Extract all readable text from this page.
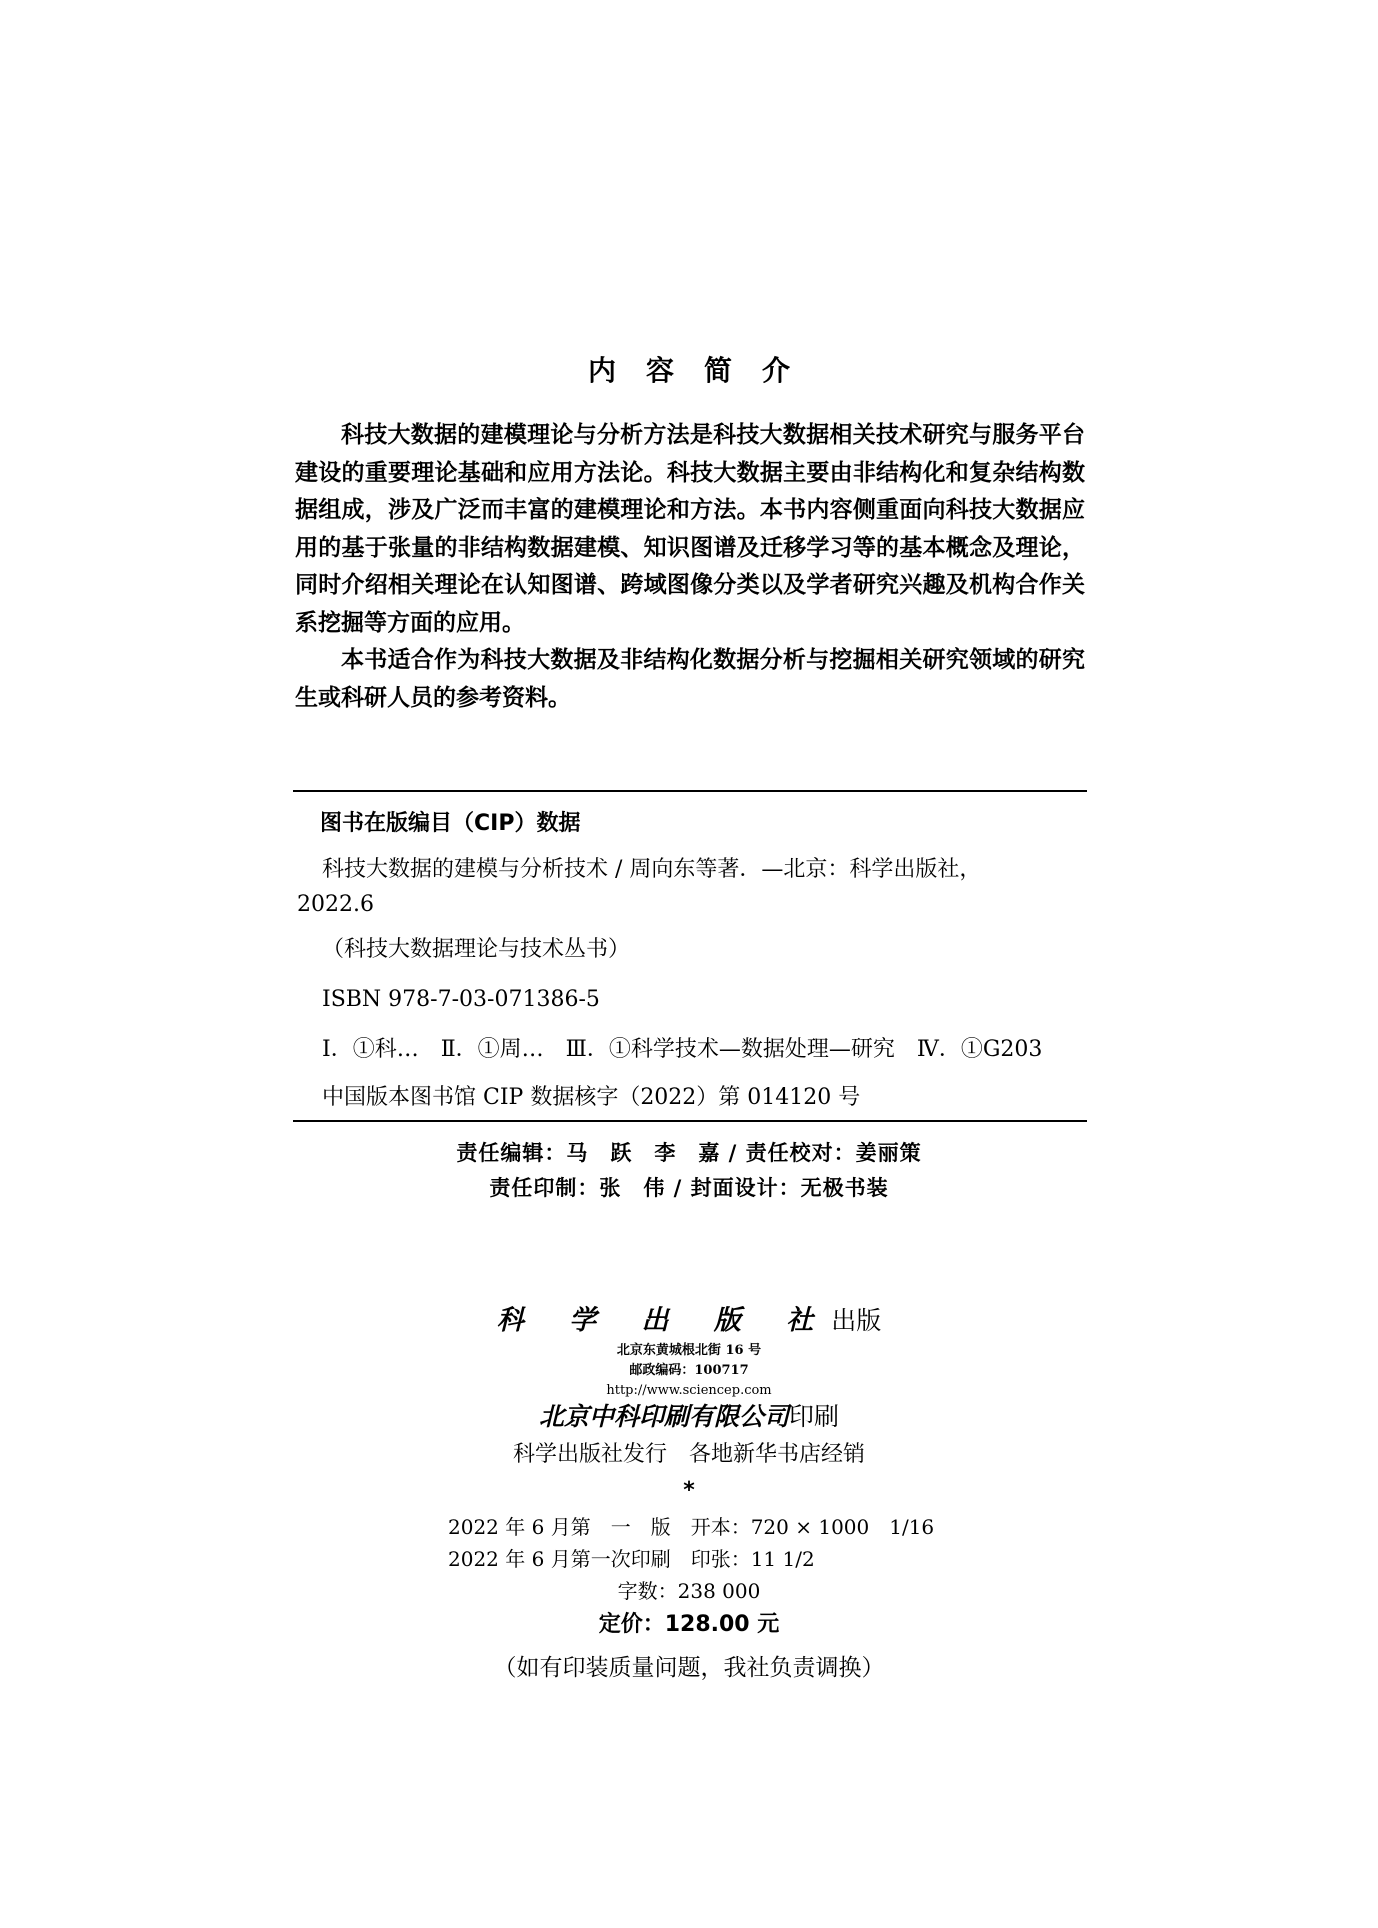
内容简介

科技大数据的建模理论与分析方法是科技大数据相关技术研究与服务平台建设的重要理论基础和应用方法论。科技大数据主要由非结构化和复杂结构数据组成，涉及广泛而丰富的建模理论和方法。本书内容侧重面向科技大数据应用的基于张量的非结构数据建模、知识图谱及迁移学习等的基本概念及理论，同时介绍相关理论在认知图谱、跨域图像分类以及学者研究兴趣及机构合作关系挖掘等方面的应用。

本书适合作为科技大数据及非结构化数据分析与挖掘相关研究领域的研究生或科研人员的参考资料。

图书在版编目（CIP）数据
科技大数据的建模与分析技术 / 周向东等著．—北京：科学出版社，
2022.6
（科技大数据理论与技术丛书）
ISBN 978-7-03-071386-5
Ⅰ．①科…　Ⅱ．①周…　Ⅲ．①科学技术—数据处理—研究　Ⅳ．①G203
中国版本图书馆 CIP 数据核字（2022）第 014120 号
责任编辑：马　跃　李　嘉 / 责任校对：姜丽策
责任印制：张　伟 / 封面设计：无极书装
科 学 出 版 社出版
北京东黄城根北街 16 号
邮政编码：100717
http://www.sciencep.com
北京中科印刷有限公司印刷
科学出版社发行　各地新华书店经销
*
2022 年 6 月第　一　版　开本：720 × 1000　1/16
2022 年 6 月第一次印刷　印张：11 1/2
字数：238 000
定价：128.00 元
（如有印装质量问题，我社负责调换）
